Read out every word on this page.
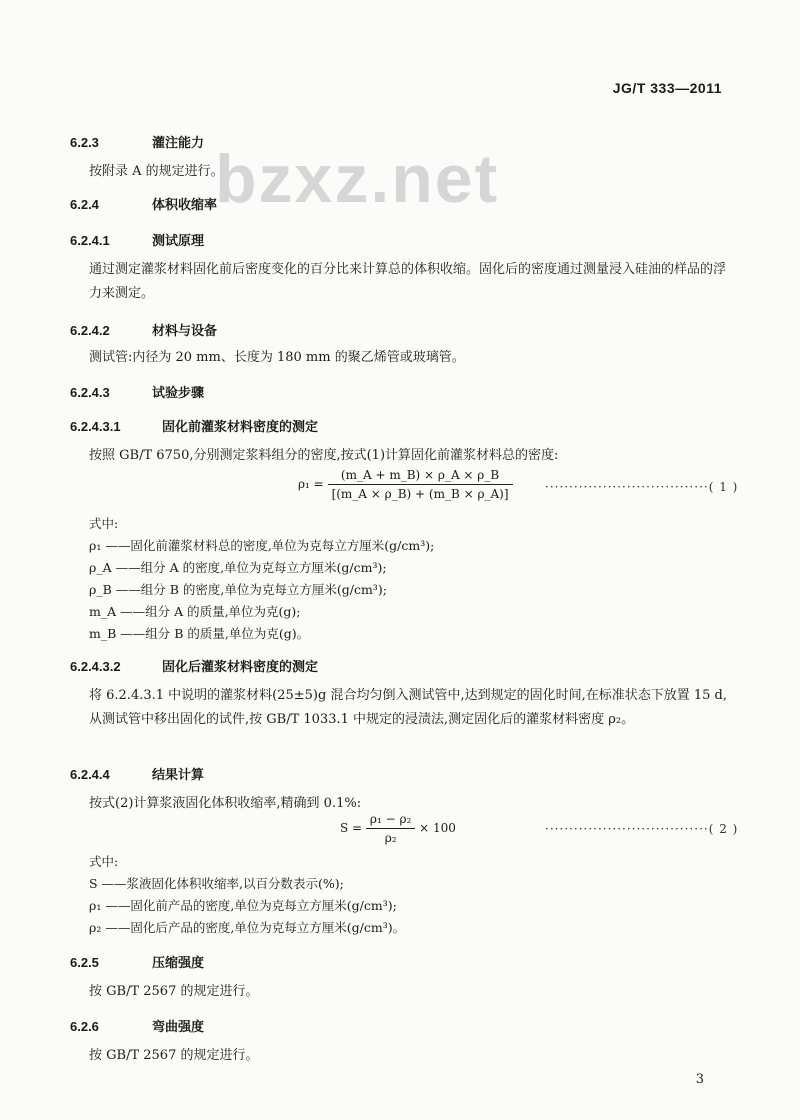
JG/T 333—2011
bzxz.net
6.2.3	灌注能力
按附录 A 的规定进行。
6.2.4	体积收缩率
6.2.4.1	测试原理
通过测定灌浆材料固化前后密度变化的百分比来计算总的体积收缩。固化后的密度通过测量浸入硅油的样品的浮力来测定。
6.2.4.2	材料与设备
测试管:内径为 20 mm、长度为 180 mm 的聚乙烯管或玻璃管。
6.2.4.3	试验步骤
6.2.4.3.1	固化前灌浆材料密度的测定
按照 GB/T 6750,分别测定浆料组分的密度,按式(1)计算固化前灌浆材料总的密度:
$\rho_1 = \frac{(m\_A + m\_B) \times \rho\_A \times \rho\_B}{[(m\_A \times \rho\_B) + (m\_B \times \rho\_A)]}$	··································( 1 )
式中:
ρ₁ ——固化前灌浆材料总的密度,单位为克每立方厘米(g/cm³);
ρ_A ——组分 A 的密度,单位为克每立方厘米(g/cm³);
ρ_B ——组分 B 的密度,单位为克每立方厘米(g/cm³);
m_A ——组分 A 的质量,单位为克(g);
m_B ——组分 B 的质量,单位为克(g)。
6.2.4.3.2	固化后灌浆材料密度的测定
将 6.2.4.3.1 中说明的灌浆材料(25±5)g 混合均匀倒入测试管中,达到规定的固化时间,在标准状态下放置 15 d,从测试管中移出固化的试件,按 GB/T 1033.1 中规定的浸渍法,测定固化后的灌浆材料密度 ρ₂。
6.2.4.4	结果计算
按式(2)计算浆液固化体积收缩率,精确到 0.1%:
$S = \frac{\text{ρ₁ − ρ₂}}{\text{ρ₂}} \times 100$	··································( 2 )
式中:
S ——浆液固化体积收缩率,以百分数表示(%);
ρ₁ ——固化前产品的密度,单位为克每立方厘米(g/cm³);
ρ₂ ——固化后产品的密度,单位为克每立方厘米(g/cm³)。
6.2.5	压缩强度
按 GB/T 2567 的规定进行。
6.2.6	弯曲强度
按 GB/T 2567 的规定进行。
3
